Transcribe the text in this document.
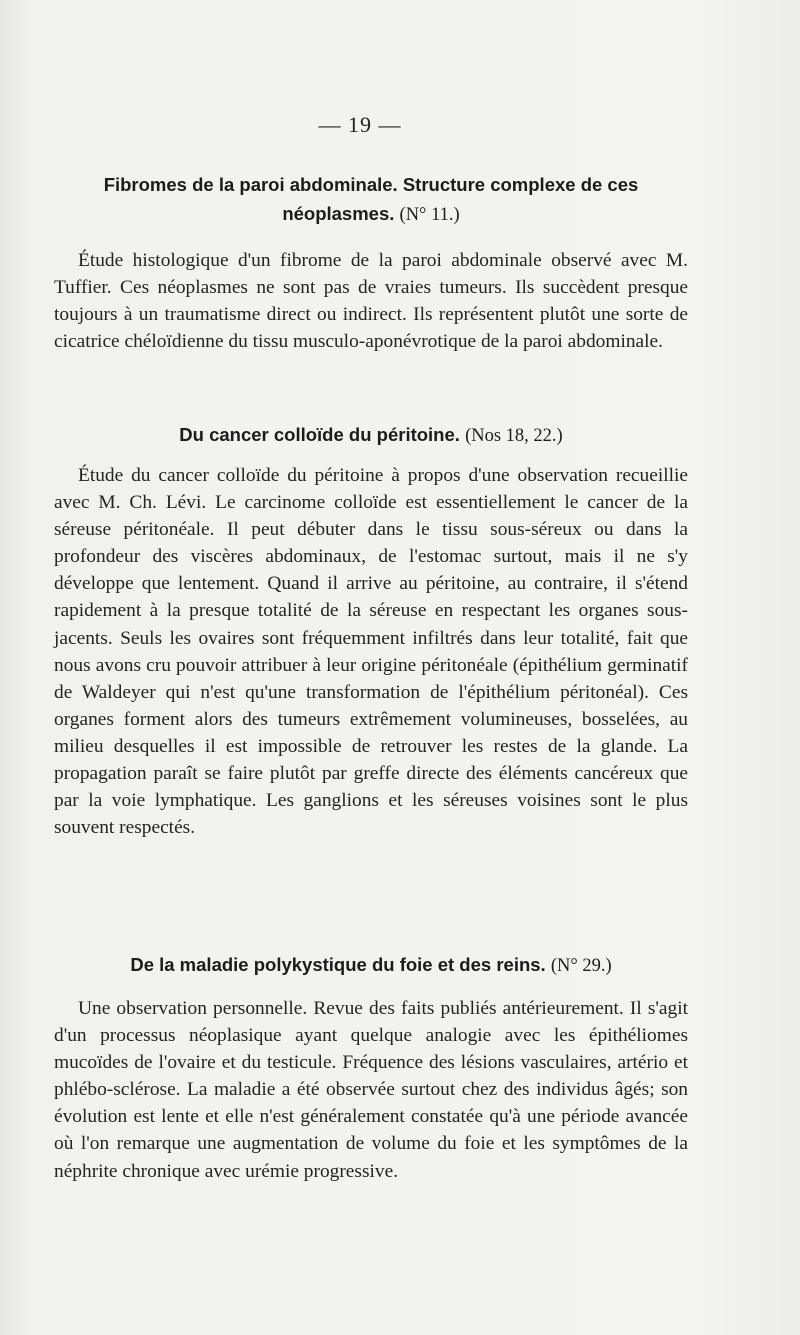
— 19 —
Fibromes de la paroi abdominale. Structure complexe de ces
néoplasmes. (N° 11.)

Étude histologique d'un fibrome de la paroi abdominale observé avec M. Tuffier. Ces néoplasmes ne sont pas de vraies tumeurs. Ils succèdent presque toujours à un traumatisme direct ou indirect. Ils représentent plutôt une sorte de cicatrice chéloïdienne du tissu musculo-aponévrotique de la paroi abdominale.

Du cancer colloïde du péritoine. (Nos 18, 22.)

Étude du cancer colloïde du péritoine à propos d'une observation recueillie avec M. Ch. Lévi. Le carcinome colloïde est essentiellement le cancer de la séreuse péritonéale. Il peut débuter dans le tissu sous-séreux ou dans la profondeur des viscères abdominaux, de l'estomac surtout, mais il ne s'y développe que lentement. Quand il arrive au péritoine, au contraire, il s'étend rapidement à la presque totalité de la séreuse en respectant les organes sous-jacents. Seuls les ovaires sont fréquemment infiltrés dans leur totalité, fait que nous avons cru pouvoir attribuer à leur origine péritonéale (épithélium germinatif de Waldeyer qui n'est qu'une transformation de l'épithélium péritonéal). Ces organes forment alors des tumeurs extrêmement volumineuses, bosselées, au milieu desquelles il est impossible de retrouver les restes de la glande. La propagation paraît se faire plutôt par greffe directe des éléments cancéreux que par la voie lymphatique. Les ganglions et les séreuses voisines sont le plus souvent respectés.

De la maladie polykystique du foie et des reins. (N° 29.)

Une observation personnelle. Revue des faits publiés antérieurement. Il s'agit d'un processus néoplasique ayant quelque analogie avec les épithéliomes mucoïdes de l'ovaire et du testicule. Fréquence des lésions vasculaires, artério et phlébo-sclérose. La maladie a été observée surtout chez des individus âgés; son évolution est lente et elle n'est généralement constatée qu'à une période avancée où l'on remarque une augmentation de volume du foie et les symptômes de la néphrite chronique avec urémie progressive.
